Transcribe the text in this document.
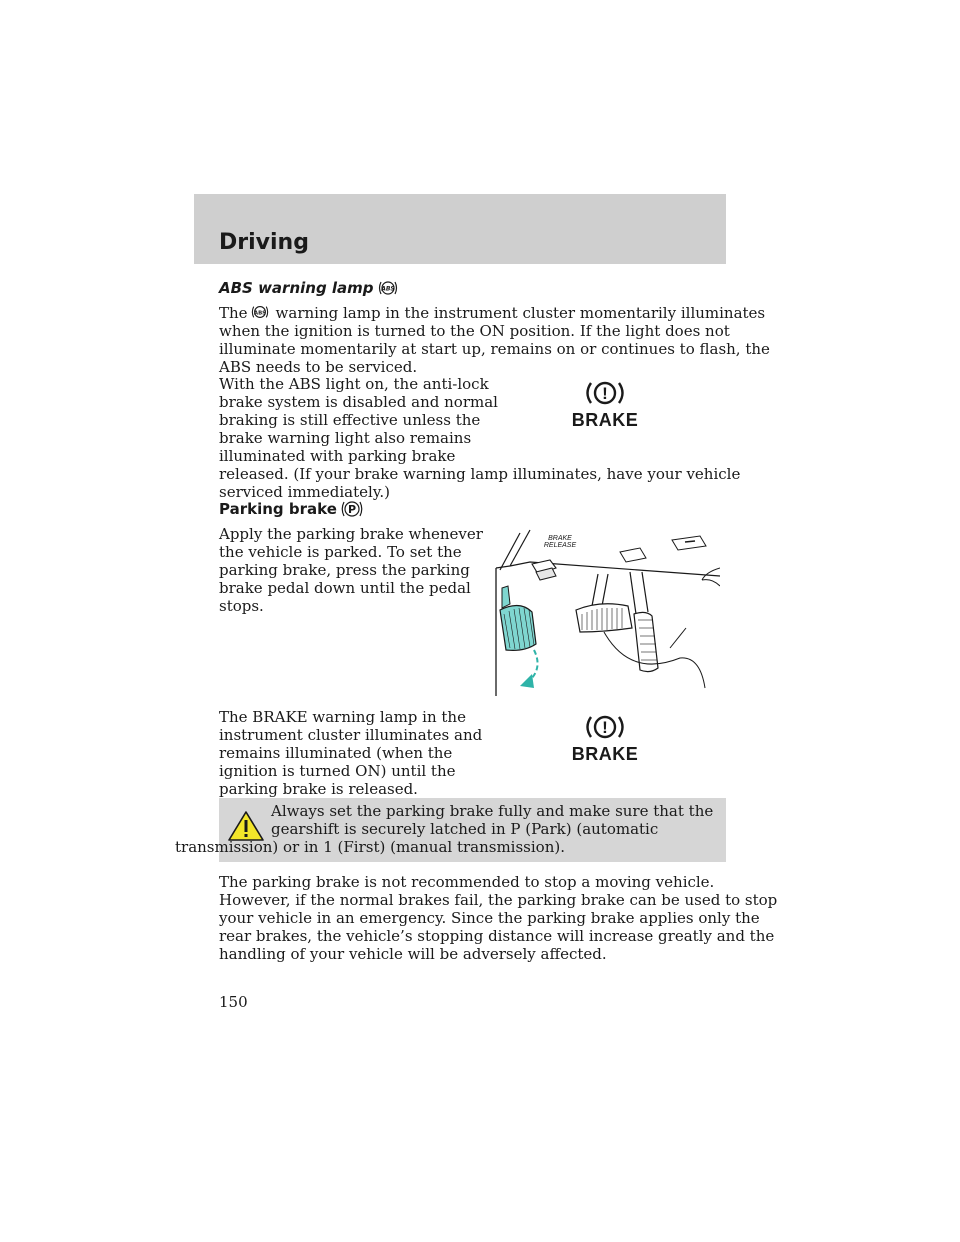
Driving
ABS warning lamp ABS
The ABS warning lamp in the instrument cluster momentarily illuminates
when the ignition is turned to the ON position. If the light does not
illuminate momentarily at start up, remains on or continues to flash, the
ABS needs to be serviced.
With the ABS light on, the anti-lock
brake system is disabled and normal
braking is still effective unless the
brake warning light also remains
illuminated with parking brake
released. (If your brake warning lamp illuminates, have your vehicle
serviced immediately.)
!
BRAKE
Parking brake P
Apply the parking brake whenever
the vehicle is parked. To set the
parking brake, press the parking
brake pedal down until the pedal
stops.
BRAKE
RELEASE
The BRAKE warning lamp in the
instrument cluster illuminates and
remains illuminated (when the
ignition is turned ON) until the
parking brake is released.
!
BRAKE
Always set the parking brake fully and make sure that the
gearshift is securely latched in P (Park) (automatic
transmission) or in 1 (First) (manual transmission).
The parking brake is not recommended to stop a moving vehicle.
However, if the normal brakes fail, the parking brake can be used to stop
your vehicle in an emergency. Since the parking brake applies only the
rear brakes, the vehicle’s stopping distance will increase greatly and the
handling of your vehicle will be adversely affected.
150
